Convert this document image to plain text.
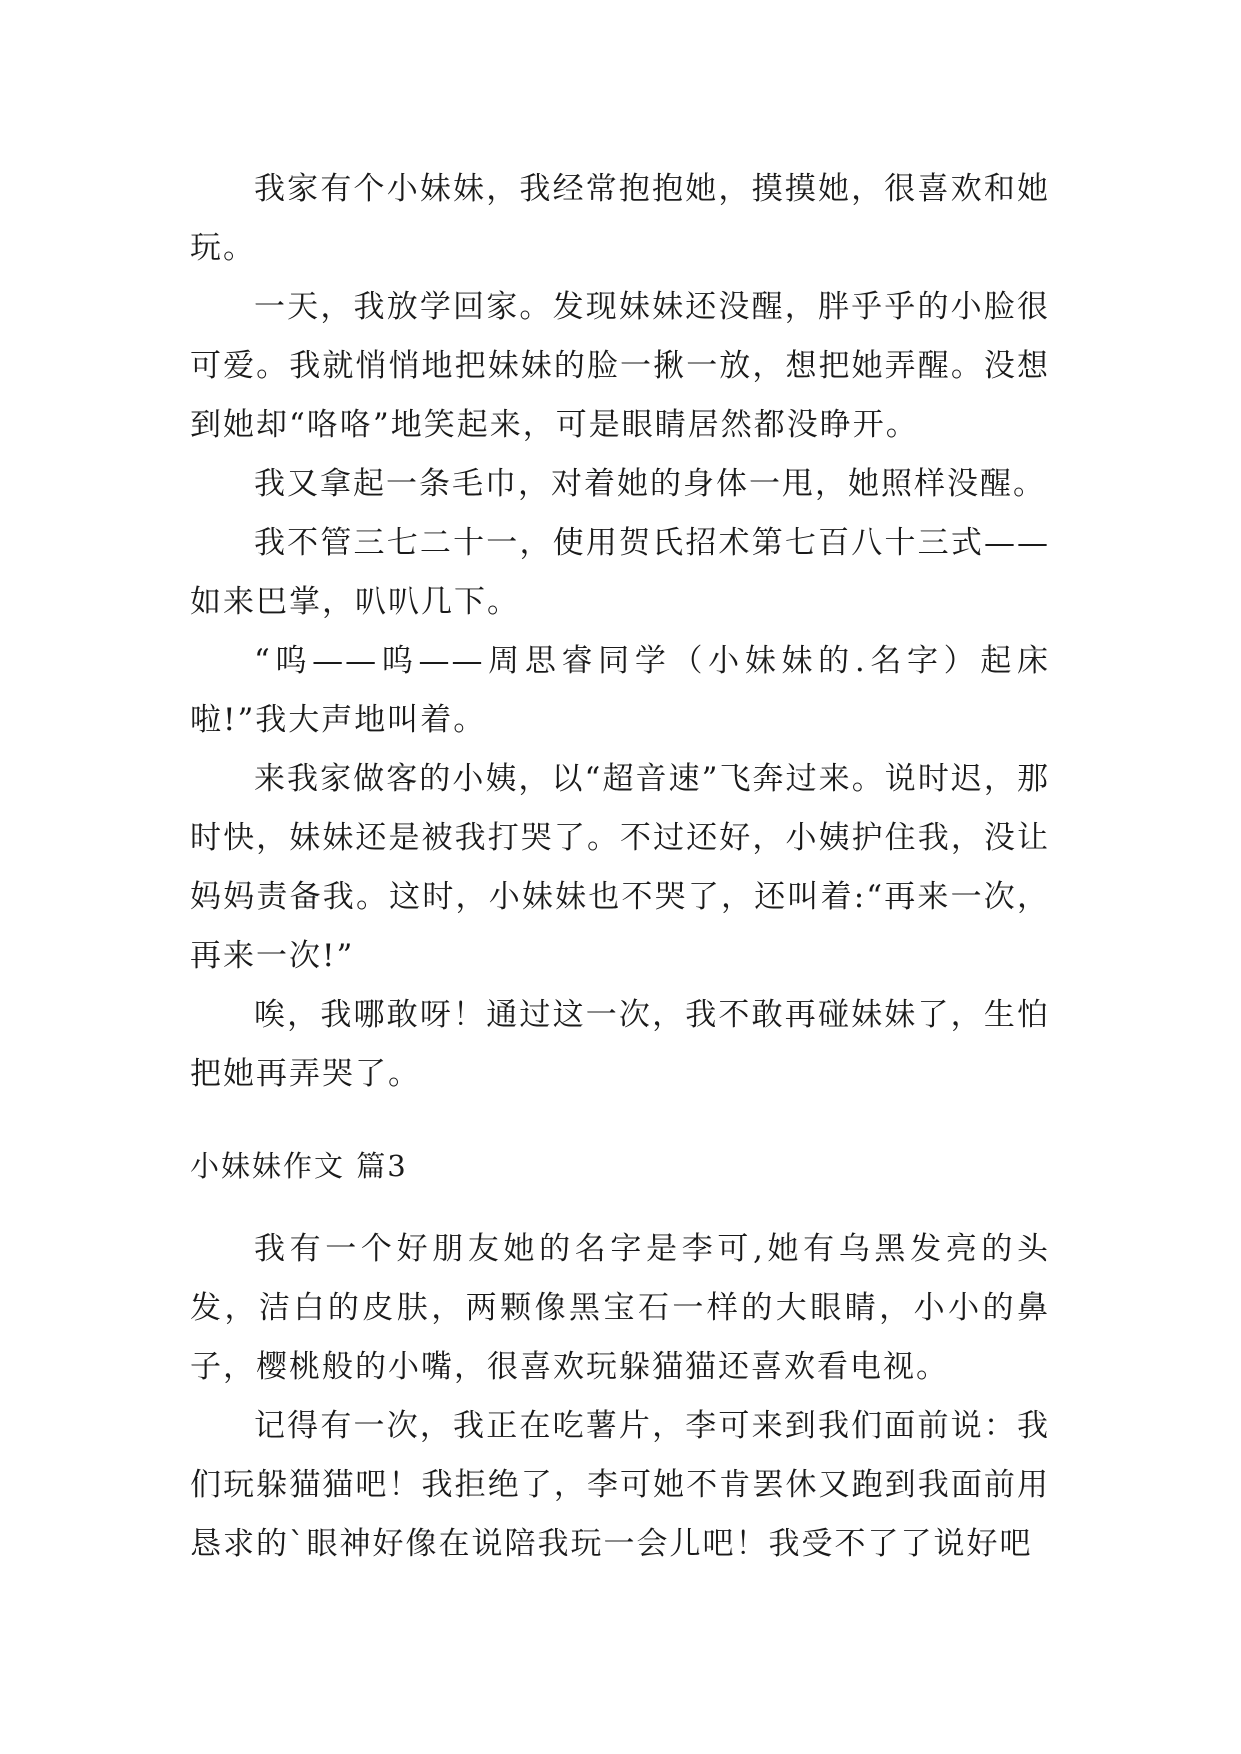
我家有个小妹妹，我经常抱抱她，摸摸她，很喜欢和她玩。

一天，我放学回家。发现妹妹还没醒，胖乎乎的小脸很可爱。我就悄悄地把妹妹的脸一揪一放，想把她弄醒。没想到她却“咯咯”地笑起来，可是眼睛居然都没睁开。

我又拿起一条毛巾，对着她的身体一甩，她照样没醒。

我不管三七二十一，使用贺氏招术第七百八十三式——如来巴掌，叭叭几下。

“呜——呜——周思睿同学（小妹妹的.名字）起床啦!”我大声地叫着。

来我家做客的小姨，以“超音速”飞奔过来。说时迟，那时快，妹妹还是被我打哭了。不过还好，小姨护住我，没让妈妈责备我。这时，小妹妹也不哭了，还叫着:“再来一次，再来一次!”

唉，我哪敢呀！通过这一次，我不敢再碰妹妹了，生怕把她再弄哭了。

小妹妹作文 篇3

我有一个好朋友她的名字是李可,她有乌黑发亮的头发，洁白的皮肤，两颗像黑宝石一样的大眼睛，小小的鼻子，樱桃般的小嘴，很喜欢玩躲猫猫还喜欢看电视。

记得有一次，我正在吃薯片，李可来到我们面前说：我们玩躲猫猫吧！我拒绝了，李可她不肯罢休又跑到我面前用恳求的`眼神好像在说陪我玩一会儿吧！我受不了了说好吧
